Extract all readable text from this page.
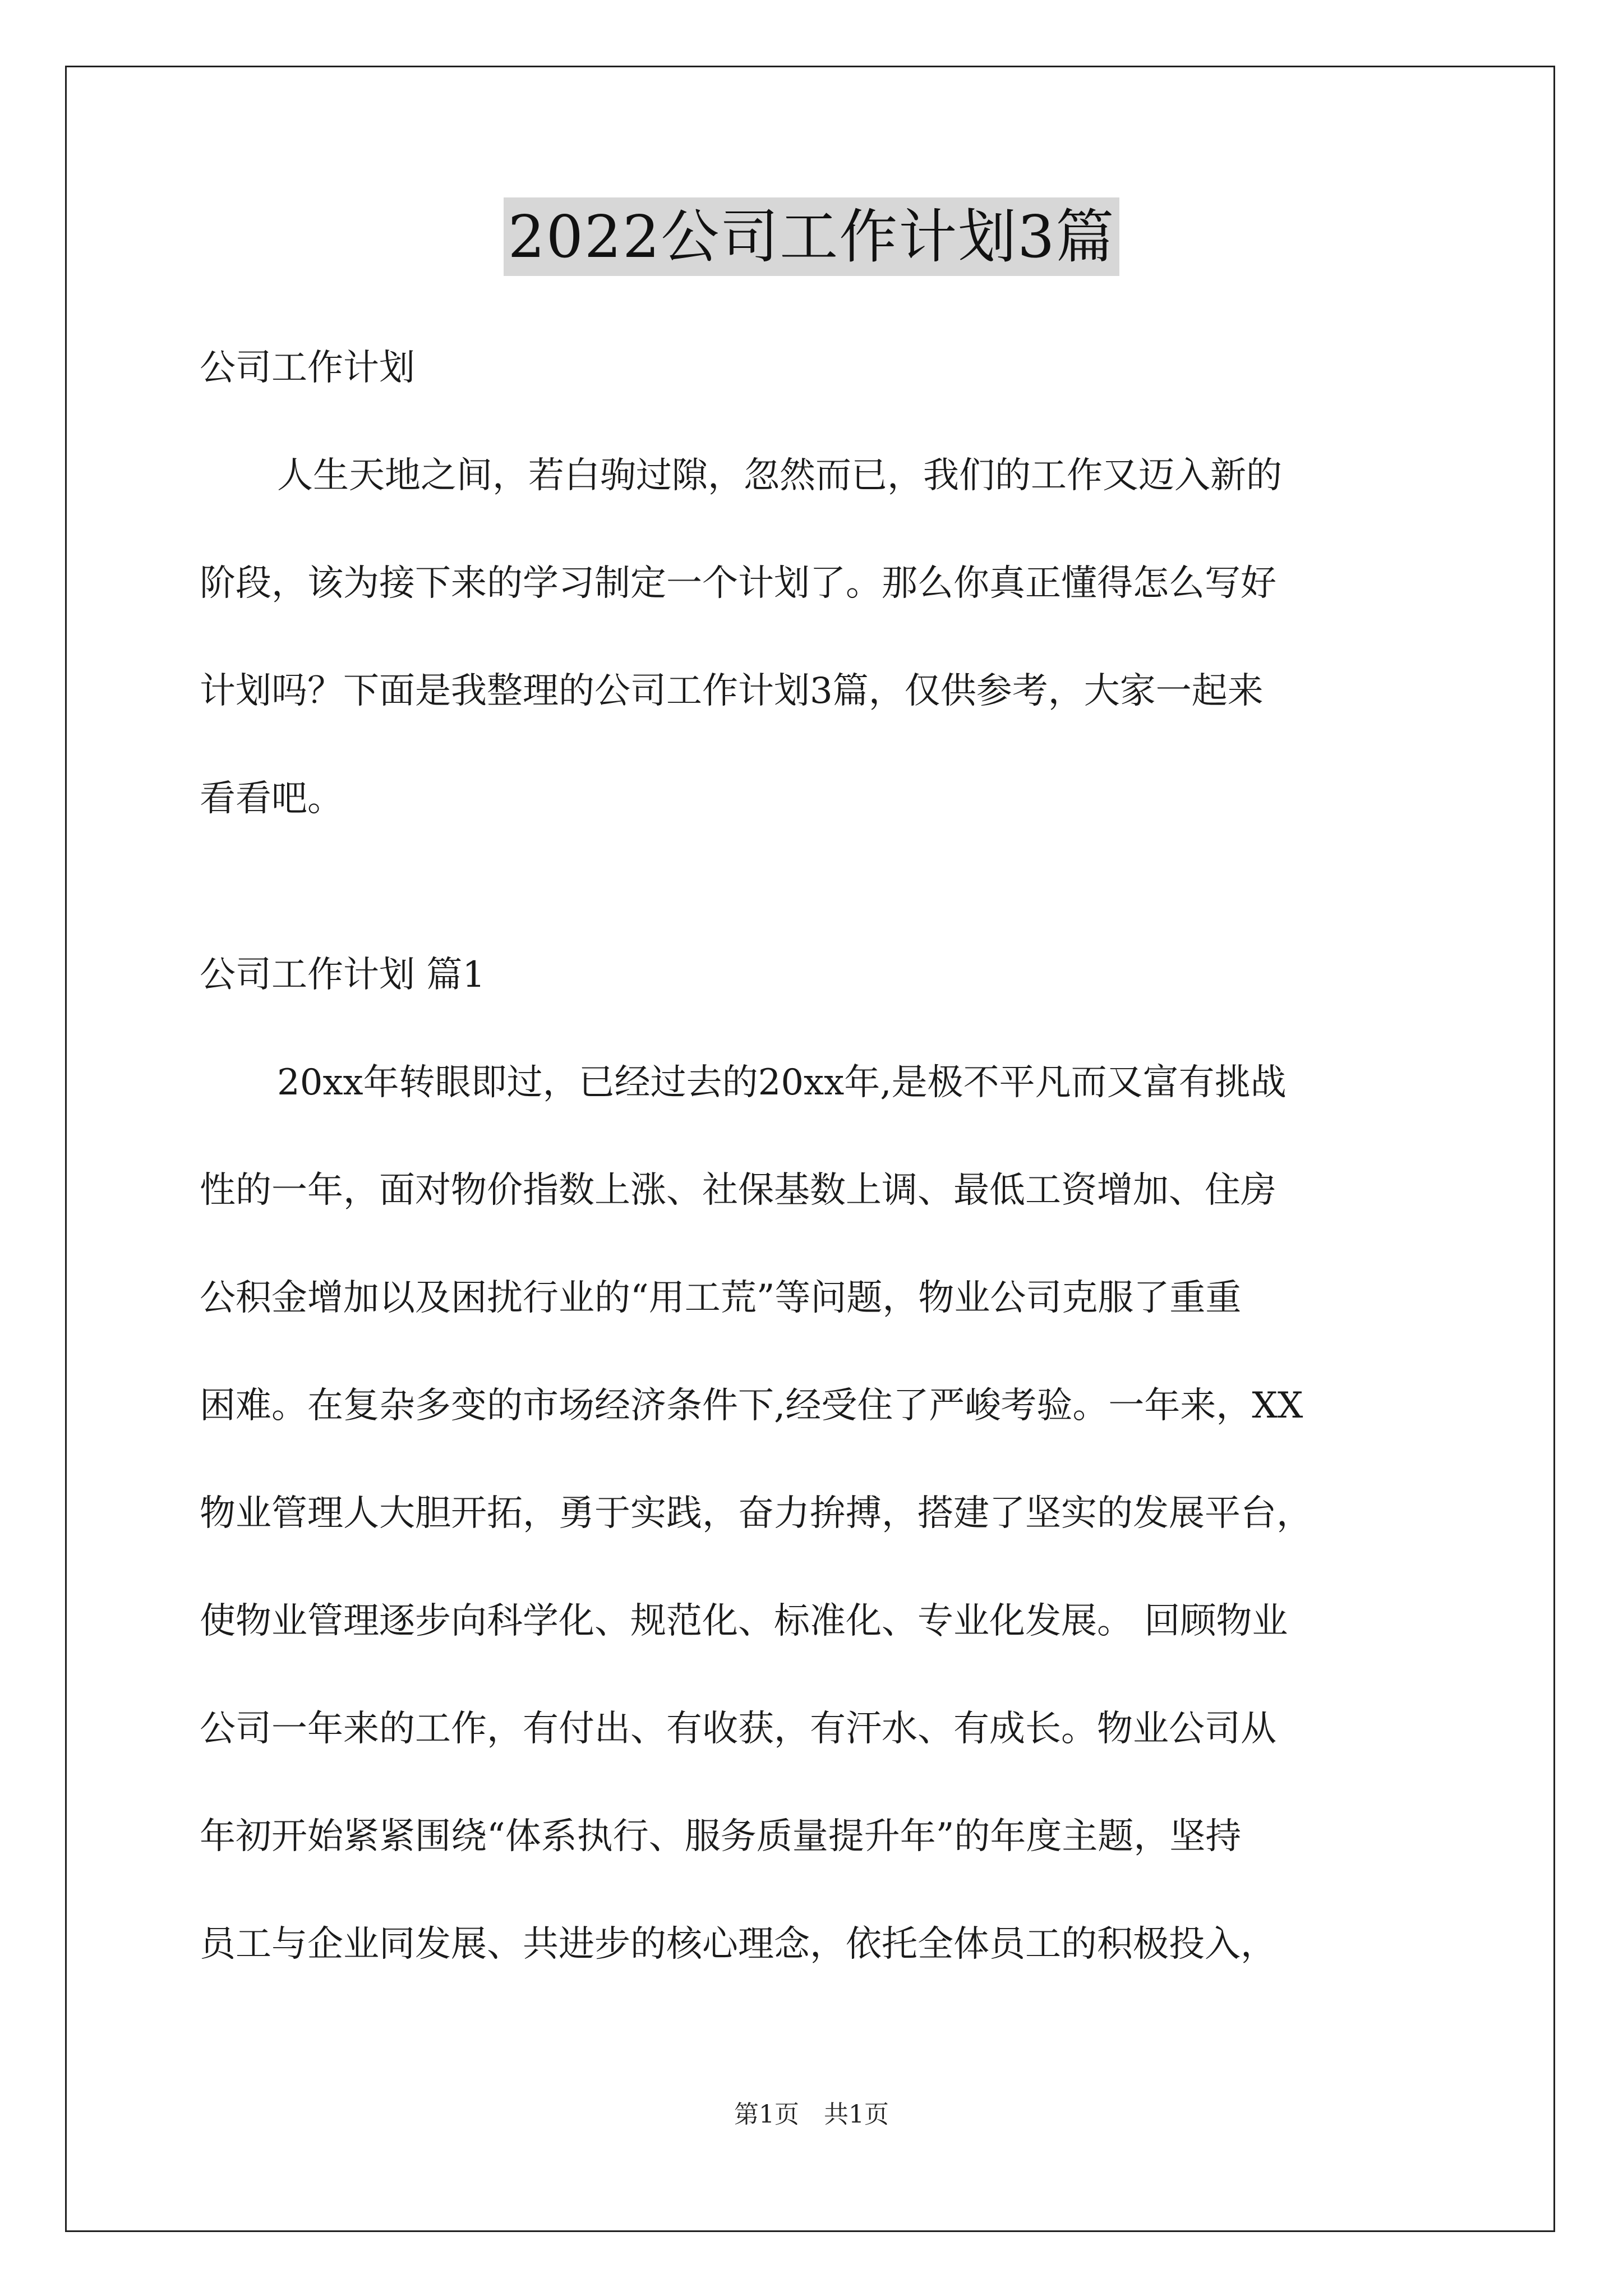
2022公司工作计划3篇
公司工作计划
人生天地之间，若白驹过隙，忽然而已，我们的工作又迈入新的
阶段，该为接下来的学习制定一个计划了。那么你真正懂得怎么写好
计划吗？下面是我整理的公司工作计划3篇，仅供参考，大家一起来
看看吧。
公司工作计划 篇1
20xx年转眼即过，已经过去的20xx年,是极不平凡而又富有挑战
性的一年，面对物价指数上涨、社保基数上调、最低工资增加、住房
公积金增加以及困扰行业的“用工荒”等问题，物业公司克服了重重
困难。在复杂多变的市场经济条件下,经受住了严峻考验。一年来，XX
物业管理人大胆开拓，勇于实践，奋力拚搏，搭建了坚实的发展平台，
使物业管理逐步向科学化、规范化、标准化、专业化发展。 回顾物业
公司一年来的工作，有付出、有收获，有汗水、有成长。物业公司从
年初开始紧紧围绕“体系执行、服务质量提升年”的年度主题，坚持
员工与企业同发展、共进步的核心理念，依托全体员工的积极投入，
第1页 共1页
